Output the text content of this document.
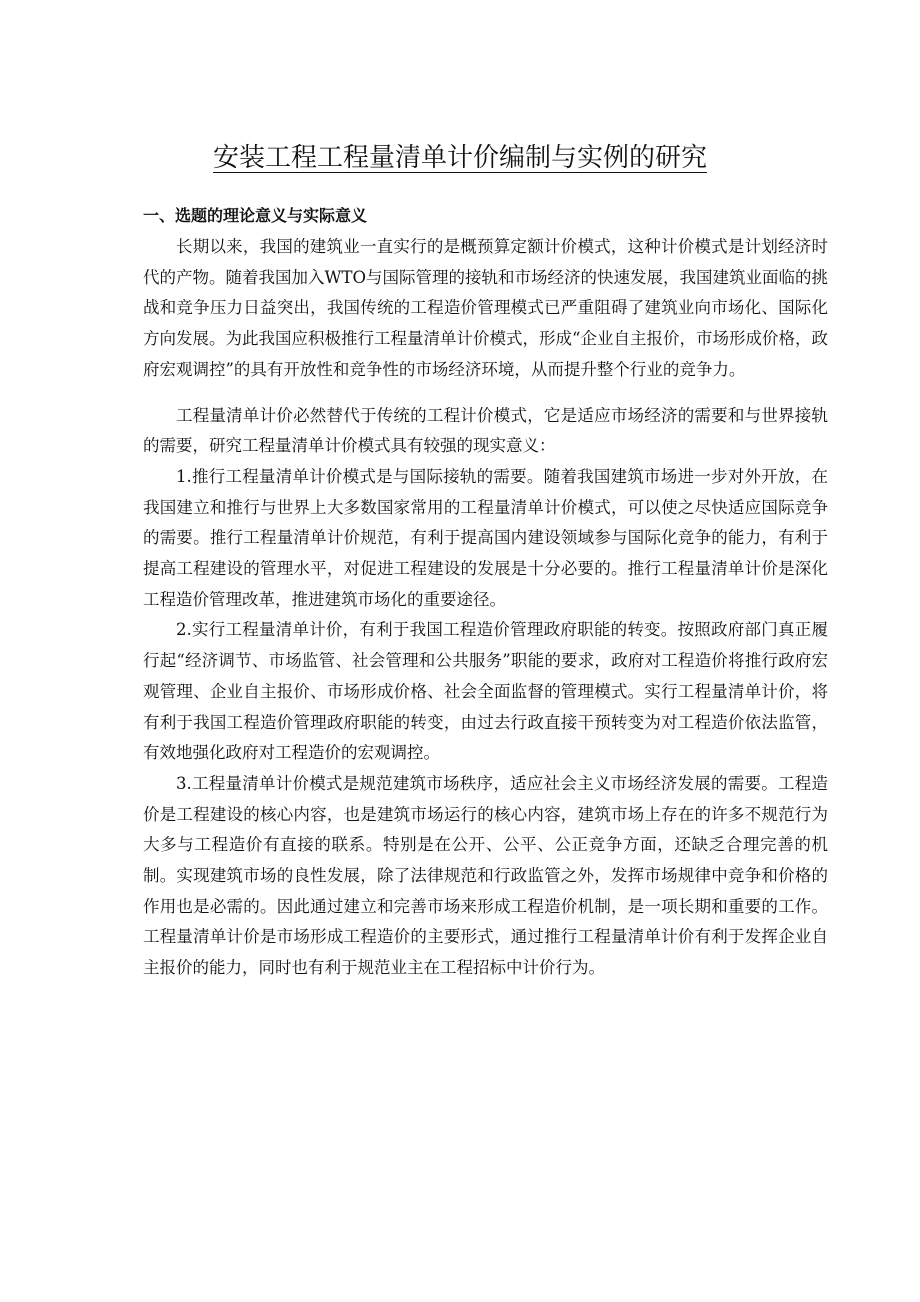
安装工程工程量清单计价编制与实例的研究
一、选题的理论意义与实际意义

长期以来，我国的建筑业一直实行的是概预算定额计价模式，这种计价模式是计划经济时代的产物。随着我国加入WTO与国际管理的接轨和市场经济的快速发展，我国建筑业面临的挑战和竞争压力日益突出，我国传统的工程造价管理模式已严重阻碍了建筑业向市场化、国际化方向发展。为此我国应积极推行工程量清单计价模式，形成“企业自主报价，市场形成价格，政府宏观调控”的具有开放性和竞争性的市场经济环境，从而提升整个行业的竞争力。

工程量清单计价必然替代于传统的工程计价模式，它是适应市场经济的需要和与世界接轨的需要，研究工程量清单计价模式具有较强的现实意义：

1.推行工程量清单计价模式是与国际接轨的需要。随着我国建筑市场进一步对外开放，在我国建立和推行与世界上大多数国家常用的工程量清单计价模式，可以使之尽快适应国际竞争的需要。推行工程量清单计价规范，有利于提高国内建设领域参与国际化竞争的能力，有利于提高工程建设的管理水平，对促进工程建设的发展是十分必要的。推行工程量清单计价是深化工程造价管理改革，推进建筑市场化的重要途径。

2.实行工程量清单计价，有利于我国工程造价管理政府职能的转变。按照政府部门真正履行起“经济调节、市场监管、社会管理和公共服务”职能的要求，政府对工程造价将推行政府宏观管理、企业自主报价、市场形成价格、社会全面监督的管理模式。实行工程量清单计价，将有利于我国工程造价管理政府职能的转变，由过去行政直接干预转变为对工程造价依法监管，有效地强化政府对工程造价的宏观调控。

3.工程量清单计价模式是规范建筑市场秩序，适应社会主义市场经济发展的需要。工程造价是工程建设的核心内容，也是建筑市场运行的核心内容，建筑市场上存在的许多不规范行为大多与工程造价有直接的联系。特别是在公开、公平、公正竞争方面，还缺乏合理完善的机制。实现建筑市场的良性发展，除了法律规范和行政监管之外，发挥市场规律中竞争和价格的作用也是必需的。因此通过建立和完善市场来形成工程造价机制，是一项长期和重要的工作。工程量清单计价是市场形成工程造价的主要形式，通过推行工程量清单计价有利于发挥企业自主报价的能力，同时也有利于规范业主在工程招标中计价行为。
